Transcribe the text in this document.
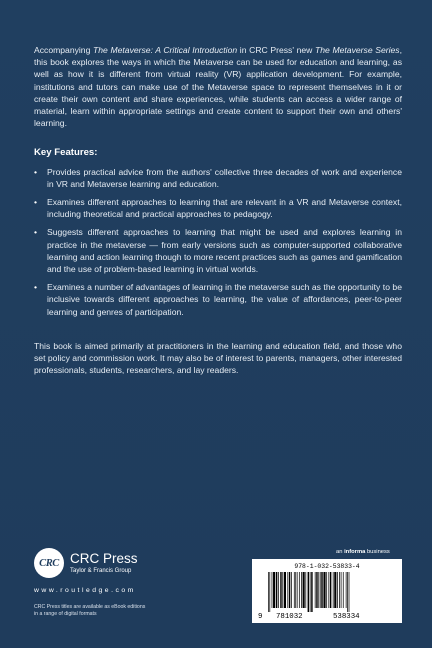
Accompanying The Metaverse: A Critical Introduction in CRC Press' new The Metaverse Series, this book explores the ways in which the Metaverse can be used for education and learning, as well as how it is different from virtual reality (VR) application development. For example, institutions and tutors can make use of the Metaverse space to represent themselves in it or create their own content and share experiences, while students can access a wider range of material, learn within appropriate settings and create content to support their own and others' learning.

Key Features:
• Provides practical advice from the authors' collective three decades of work and experience in VR and Metaverse learning and education.
• Examines different approaches to learning that are relevant in a VR and Metaverse context, including theoretical and practical approaches to pedagogy.
• Suggests different approaches to learning that might be used and explores learning in practice in the metaverse — from early versions such as computer-supported collaborative learning and action learning though to more recent practices such as games and gamification and the use of problem-based learning in virtual worlds.
• Examines a number of advantages of learning in the metaverse such as the opportunity to be inclusive towards different approaches to learning, the value of affordances, peer-to-peer learning and genres of participation.

This book is aimed primarily at practitioners in the learning and education field, and those who set policy and commission work. It may also be of interest to parents, managers, other interested professionals, students, researchers, and lay readers.

CRC CRC Press
Taylor & Francis Group
www.routledge.com
CRC Press titles are available as eBook editions
in a range of digital formats
an informa business
978-1-032-53833-4
9 781032	538334
